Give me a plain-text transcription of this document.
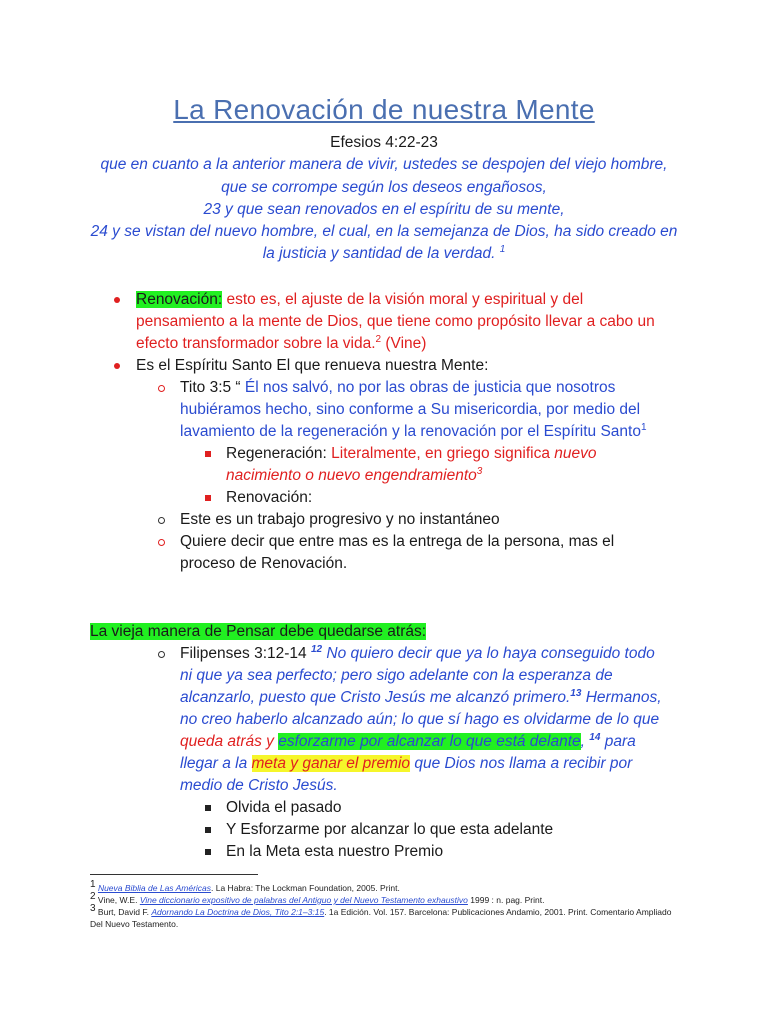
La Renovación de nuestra Mente
Efesios 4:22-23
que en cuanto a la anterior manera de vivir, ustedes se despojen del viejo hombre,
que se corrompe según los deseos engañosos,
23 y que sean renovados en el espíritu de su mente,
24 y se vistan del nuevo hombre, el cual, en la semejanza de Dios, ha sido creado en
la justicia y santidad de la verdad. $^1$
Renovación: esto es, el ajuste de la visión moral y espiritual y del
pensamiento a la mente de Dios, que tiene como propósito llevar a cabo un
efecto transformador sobre la vida.$^2$ (Vine)
Es el Espíritu Santo El que renueva nuestra Mente:
Tito 3:5 “ Él nos salvó, no por las obras de justicia que nosotros
hubiéramos hecho, sino conforme a Su misericordia, por medio del
lavamiento de la regeneración y la renovación por el Espíritu Santo$^1$
Regeneración: Literalmente, en griego significa nuevo
nacimiento o nuevo engendramiento$^3$
Renovación:
Este es un trabajo progresivo y no instantáneo
Quiere decir que entre mas es la entrega de la persona, mas el
proceso de Renovación.
La vieja manera de Pensar debe quedarse atrás:
Filipenses 3:12-14 $^{12}$ No quiero decir que ya lo haya conseguido todo
ni que ya sea perfecto; pero sigo adelante con la esperanza de
alcanzarlo, puesto que Cristo Jesús me alcanzó primero.$^{13}$ Hermanos,
no creo haberlo alcanzado aún; lo que sí hago es olvidarme de lo que
queda atrás y esforzarme por alcanzar lo que está delante, $^{14}$ para
llegar a la meta y ganar el premio que Dios nos llama a recibir por
medio de Cristo Jesús.
Olvida el pasado
Y Esforzarme por alcanzar lo que esta adelante
En la Meta esta nuestro Premio
$^1$ Nueva Biblia de Las Américas. La Habra: The Lockman Foundation, 2005. Print.
$^2$ Vine, W.E. Vine diccionario expositivo de palabras del Antiguo y del Nuevo Testamento exhaustivo 1999 : n. pag. Print.
$^3$ Burt, David F. Adornando La Doctrina de Dios, Tito 2:1–3:15. 1a Edición. Vol. 157. Barcelona: Publicaciones Andamio, 2001. Print. Comentario Ampliado
Del Nuevo Testamento.
